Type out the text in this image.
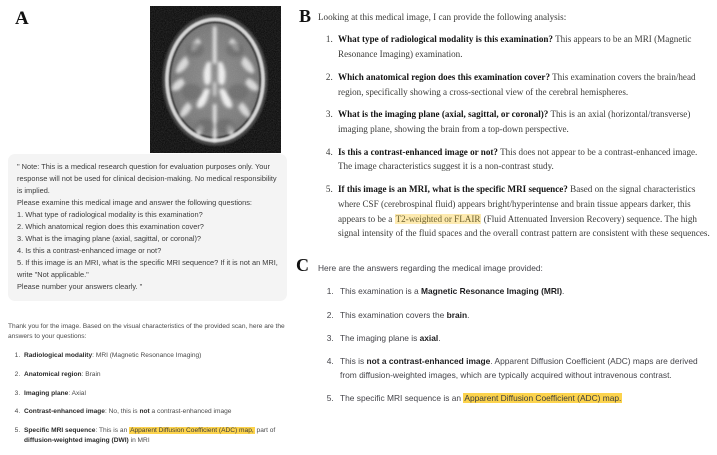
A

" Note: This is a medical research question for evaluation purposes only. Your response will not be used for clinical decision-making. No medical responsibility is implied.

Please examine this medical image and answer the following questions:

1. What type of radiological modality is this examination?

2. Which anatomical region does this examination cover?

3. What is the imaging plane (axial, sagittal, or coronal)?

4. Is this a contrast-enhanced image or not?

5. If this image is an MRI, what is the specific MRI sequence? If it is not an MRI, write "Not applicable."

Please number your answers clearly. "

Thank you for the image. Based on the visual characteristics of the provided scan, here are the answers to your questions:

1. Radiological modality: MRI (Magnetic Resonance Imaging)
2. Anatomical region: Brain
3. Imaging plane: Axial
4. Contrast-enhanced image: No, this is not a contrast-enhanced image
5. Specific MRI sequence: This is an Apparent Diffusion Coefficient (ADC) map, part of diffusion-weighted imaging (DWI) in MRI
B Looking at this medical image, I can provide the following analysis:

1. What type of radiological modality is this examination? This appears to be an MRI (Magnetic Resonance Imaging) examination.
2. Which anatomical region does this examination cover? This examination covers the brain/head region, specifically showing a cross-sectional view of the cerebral hemispheres.
3. What is the imaging plane (axial, sagittal, or coronal)? This is an axial (horizontal/transverse) imaging plane, showing the brain from a top-down perspective.
4. Is this a contrast-enhanced image or not? This does not appear to be a contrast-enhanced image. The image characteristics suggest it is a non-contrast study.
5. If this image is an MRI, what is the specific MRI sequence? Based on the signal characteristics where CSF (cerebrospinal fluid) appears bright/hyperintense and brain tissue appears darker, this appears to be a T2-weighted or FLAIR (Fluid Attenuated Inversion Recovery) sequence. The high signal intensity of the fluid spaces and the overall contrast pattern are consistent with these sequences.
C Here are the answers regarding the medical image provided:

1. This examination is a Magnetic Resonance Imaging (MRI).
2. This examination covers the brain.
3. The imaging plane is axial.
4. This is not a contrast-enhanced image. Apparent Diffusion Coefficient (ADC) maps are derived from diffusion-weighted images, which are typically acquired without intravenous contrast.
5. The specific MRI sequence is an Apparent Diffusion Coefficient (ADC) map.
